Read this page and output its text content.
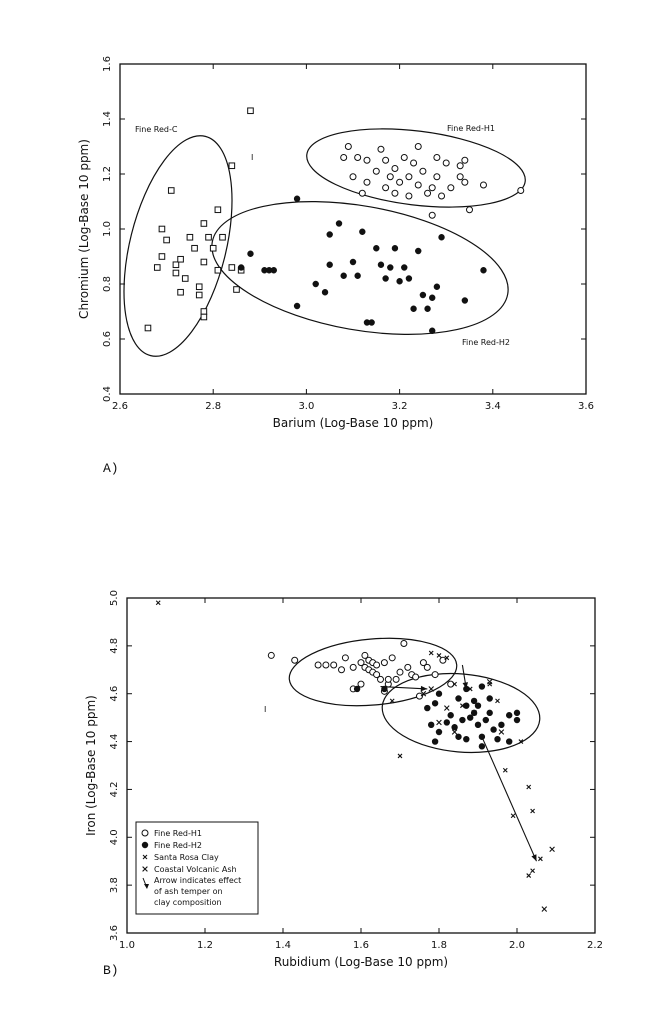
2.6	2.8	3.0	3.2	3.4	3.6
0.4
0.6
0.8
1.0
1.2
1.4
1.6
Barium (Log-Base 10 ppm)
Chromium (Log-Base 10 ppm)
A)
Fine Red-C	Fine Red-H1
Fine Red-H2
I
1.0	1.2	1.4	1.6	1.8	2.0	2.2
3.6
3.8
4.0
4.2
4.4
4.6
4.8
5.0
Rubidium (Log-Base 10 ppm)
Iron (Log-Base 10 ppm)
B)
I
Fine Red-H1
Fine Red-H2
Santa Rosa Clay
Coastal Volcanic Ash
Arrow indicates effect
of ash temper on
clay composition
